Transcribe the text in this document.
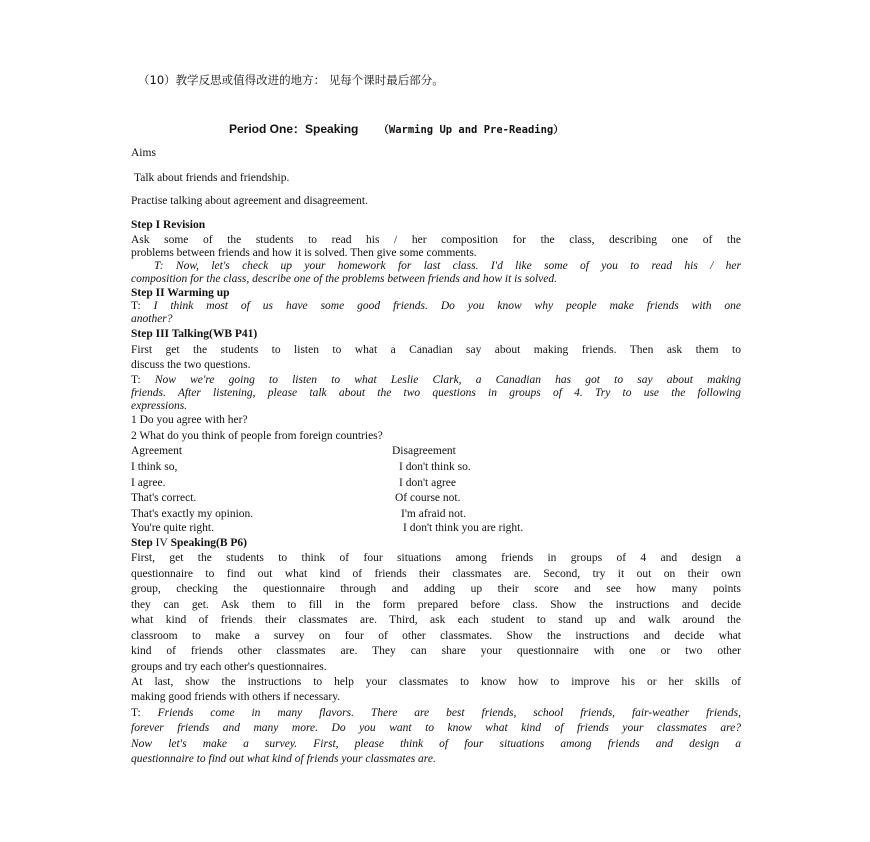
（10）教学反思或值得改进的地方： 见每个课时最后部分。
Period One：Speaking （Warming Up and Pre-Reading）
Aims
Talk about friends and friendship.
Practise talking about agreement and disagreement.
Step I Revision
Ask some of the students to read his / her composition for the class, describing one of the
problems between friends and how it is solved. Then give some comments.
T: Now, let's check up your homework for last class. I'd like some of you to read his / her
composition for the class, describe one of the problems between friends and how it is solved.
Step II Warming up
T: I think most of us have some good friends. Do you know why people make friends with one
another?
Step III Talking(WB P41)
First get the students to listen to what a Canadian say about making friends. Then ask them to
discuss the two questions.
T: Now we're going to listen to what Leslie Clark, a Canadian has got to say about making
friends. After listening, please talk about the two questions in groups of 4. Try to use the following
expressions.
1 Do you agree with her?
2 What do you think of people from foreign countries?
Agreement	Disagreement
I think so,
I agree.
That's correct.
That's exactly my opinion.
You're quite right.
I don't think so.
I don't agree
Of course not.
I'm afraid not.
I don't think you are right.
Step IV Speaking(B P6)
First, get the students to think of four situations among friends in groups of 4 and design a
questionnaire to find out what kind of friends their classmates are. Second, try it out on their own
group, checking the questionnaire through and adding up their score and see how many points
they can get. Ask them to fill in the form prepared before class. Show the instructions and decide
what kind of friends their classmates are. Third, ask each student to stand up and walk around the
classroom to make a survey on four of other classmates. Show the instructions and decide what
kind of friends other classmates are. They can share your questionnaire with one or two other
groups and try each other's questionnaires.
At last, show the instructions to help your classmates to know how to improve his or her skills of
making good friends with others if necessary.
T: Friends come in many flavors. There are best friends, school friends, fair-weather friends,
forever friends and many more. Do you want to know what kind of friends your classmates are?
Now let's make a survey. First, please think of four situations among friends and design a
questionnaire to find out what kind of friends your classmates are.
